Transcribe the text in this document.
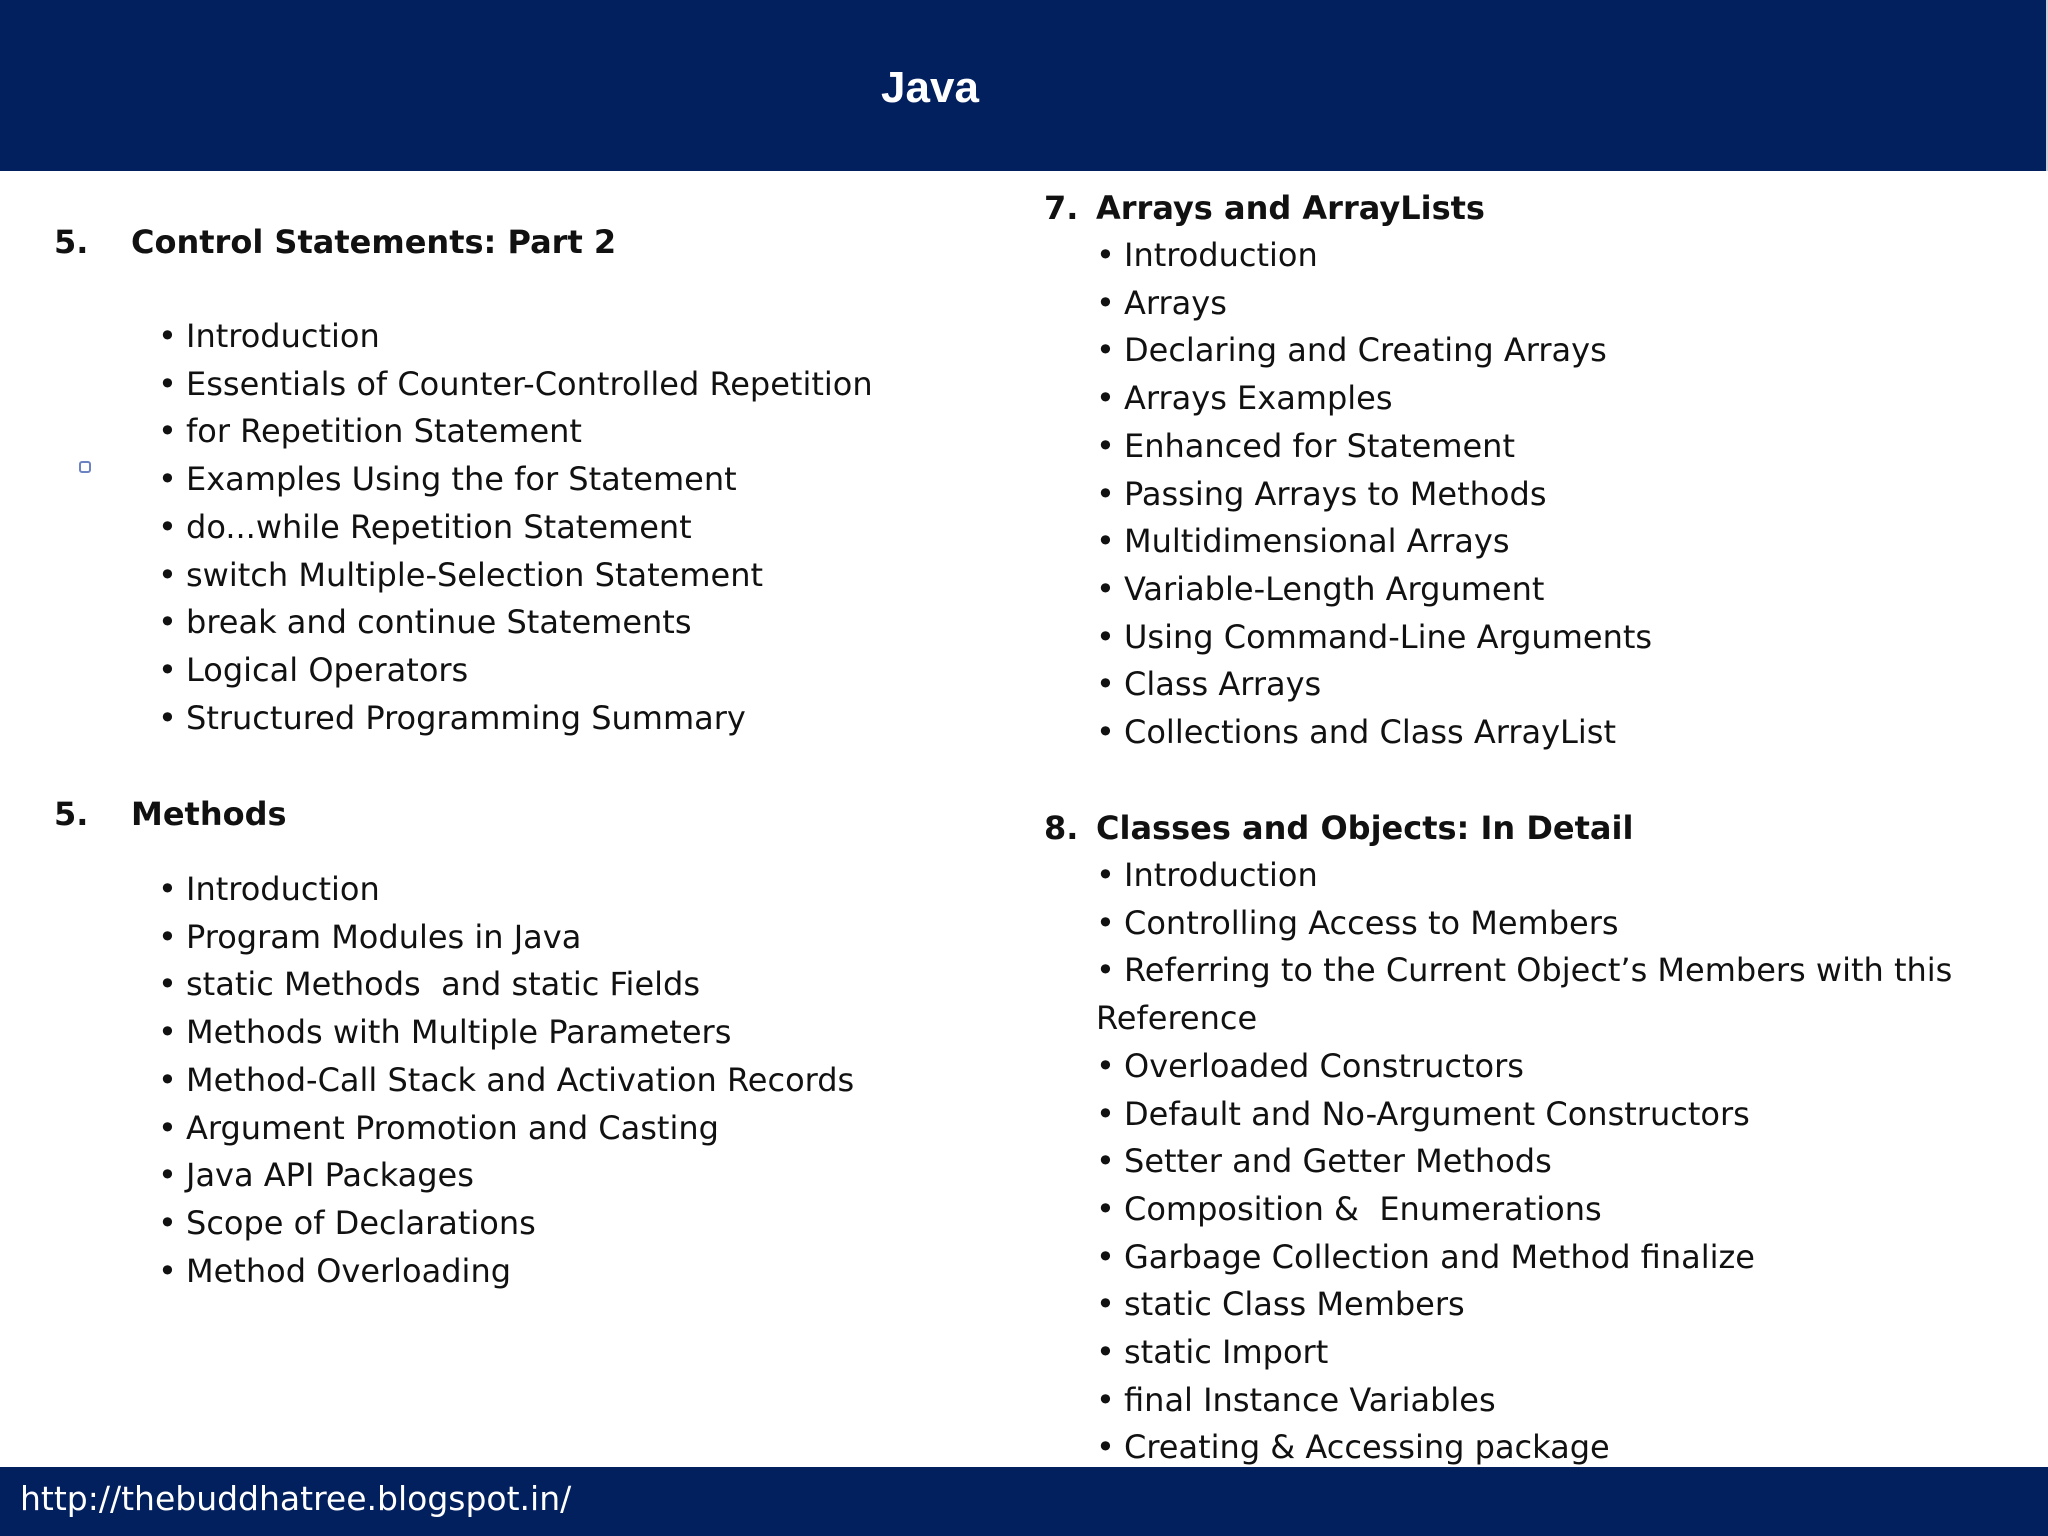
Java
5. Control Statements: Part 2
• Introduction
• Essentials of Counter-Controlled Repetition
• for Repetition Statement
• Examples Using the for Statement
• do...while Repetition Statement
• switch Multiple-Selection Statement
• break and continue Statements
• Logical Operators
• Structured Programming Summary
5. Methods
• Introduction
• Program Modules in Java
• static Methods  and static Fields
• Methods with Multiple Parameters
• Method-Call Stack and Activation Records
• Argument Promotion and Casting
• Java API Packages
• Scope of Declarations
• Method Overloading
7. Arrays and ArrayLists
• Introduction
• Arrays
• Declaring and Creating Arrays
• Arrays Examples
• Enhanced for Statement
• Passing Arrays to Methods
• Multidimensional Arrays
• Variable-Length Argument
• Using Command-Line Arguments
• Class Arrays
• Collections and Class ArrayList
8. Classes and Objects: In Detail
• Introduction
• Controlling Access to Members
• Referring to the Current Object’s Members with this Reference
• Overloaded Constructors
• Default and No-Argument Constructors
• Setter and Getter Methods
• Composition &  Enumerations
• Garbage Collection and Method finalize
• static Class Members
• static Import
• final Instance Variables
• Creating & Accessing package
http://thebuddhatree.blogspot.in/
